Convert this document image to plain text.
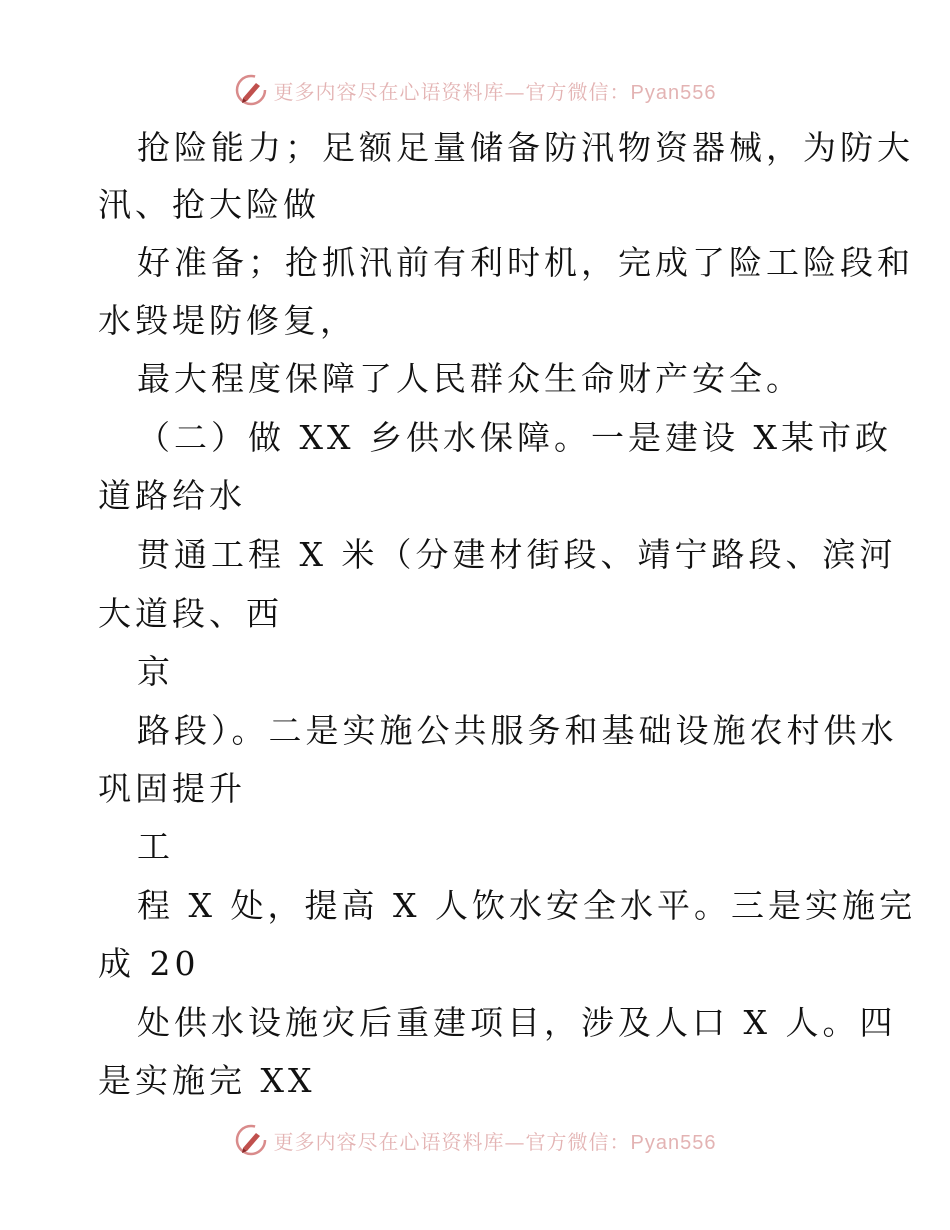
更多内容尽在心语资料库—官方微信：Pyan556
抢险能力；足额足量储备防汛物资器械，为防大
汛、抢大险做
好准备；抢抓汛前有利时机，完成了险工险段和
水毁堤防修复，
最大程度保障了人民群众生命财产安全。
（二）做 XX 乡供水保障。一是建设 X某市政
道路给水
贯通工程 X 米（分建材街段、靖宁路段、滨河
大道段、西
京
路段）。二是实施公共服务和基础设施农村供水
巩固提升
工
程 X 处，提高 X 人饮水安全水平。三是实施完
成 20
处供水设施灾后重建项目，涉及人口 X 人。四
是实施完 XX
更多内容尽在心语资料库—官方微信：Pyan556
